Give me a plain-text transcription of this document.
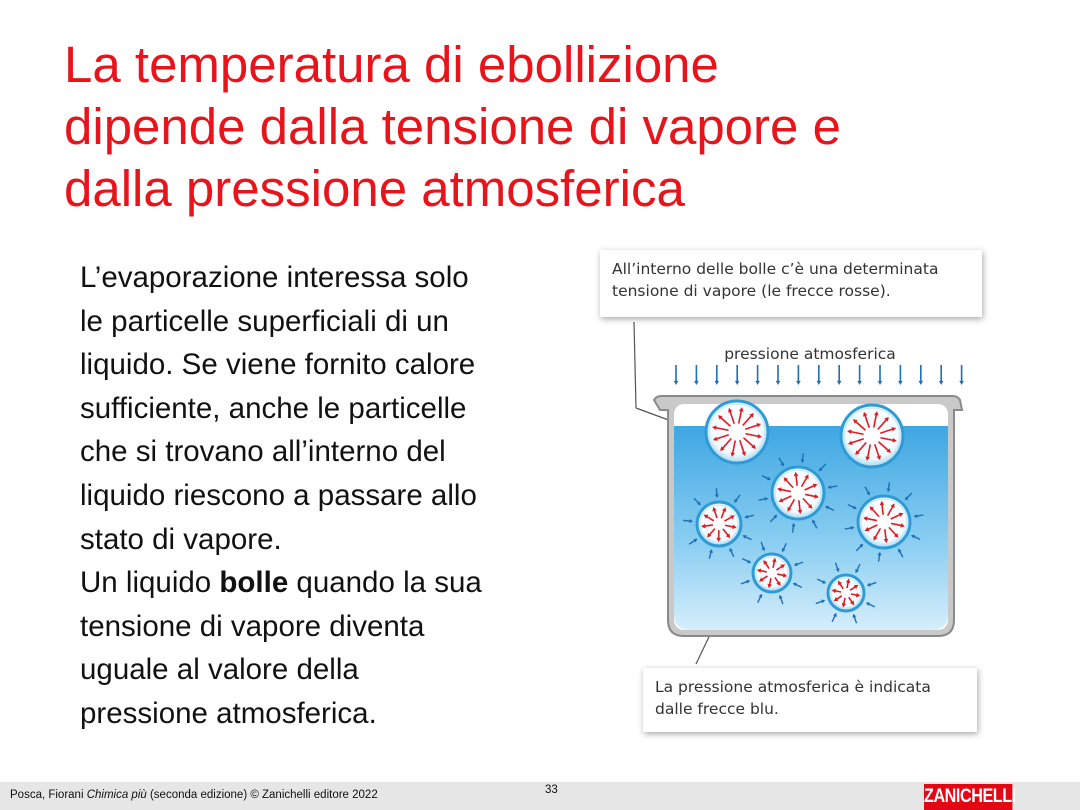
La temperatura di ebollizione
dipende dalla tensione di vapore e
dalla pressione atmosferica
L’evaporazione interessa solo
le particelle superficiali di un
liquido. Se viene fornito calore
sufficiente, anche le particelle
che si trovano all’interno del
liquido riescono a passare allo
stato di vapore.
Un liquido bolle quando la sua
tensione di vapore diventa
uguale al valore della
pressione atmosferica.
pressione atmosferica
All’interno delle bolle c’è una determinata
tensione di vapore (le frecce rosse).
La pressione atmosferica è indicata
dalle frecce blu.
Posca, Fiorani Chimica più (seconda edizione) © Zanichelli editore 2022	33	ZANICHELLI
